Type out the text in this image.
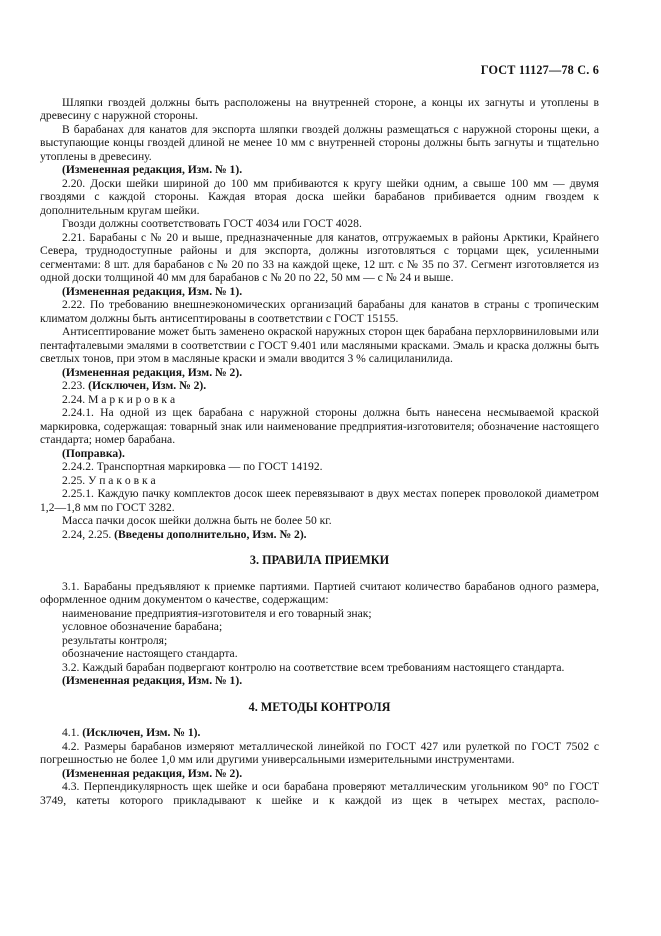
ГОСТ 11127—78 С. 6
Шляпки гвоздей должны быть расположены на внутренней стороне, а концы их загнуты и утоплены в древесину с наружной стороны.
В барабанах для канатов для экспорта шляпки гвоздей должны размещаться с наружной стороны щеки, а выступающие концы гвоздей длиной не менее 10 мм с внутренней стороны должны быть загнуты и тщательно утоплены в древесину.
(Измененная редакция, Изм. № 1).
2.20. Доски шейки шириной до 100 мм прибиваются к кругу шейки одним, а свыше 100 мм — двумя гвоздями с каждой стороны. Каждая вторая доска шейки барабанов прибивается одним гвоздем к дополнительным кругам шейки.
Гвозди должны соответствовать ГОСТ 4034 или ГОСТ 4028.
2.21. Барабаны с № 20 и выше, предназначенные для канатов, отгружаемых в районы Арктики, Крайнего Севера, труднодоступные районы и для экспорта, должны изготовляться с торцами щек, усиленными сегментами: 8 шт. для барабанов с № 20 по 33 на каждой щеке, 12 шт. с № 35 по 37. Сегмент изготовляется из одной доски толщиной 40 мм для барабанов с № 20 по 22, 50 мм — с № 24 и выше.
(Измененная редакция, Изм. № 1).
2.22. По требованию внешнеэкономических организаций барабаны для канатов в страны с тропическим климатом должны быть антисептированы в соответствии с ГОСТ 15155.
Антисептирование может быть заменено окраской наружных сторон щек барабана перхлорвиниловыми или пентафталевыми эмалями в соответствии с ГОСТ 9.401 или масляными красками. Эмаль и краска должны быть светлых тонов, при этом в масляные краски и эмали вводится 3 % салициланилида.
(Измененная редакция, Изм. № 2).
2.23. (Исключен, Изм. № 2).
2.24. М а р к и р о в к а
2.24.1. На одной из щек барабана с наружной стороны должна быть нанесена несмываемой краской маркировка, содержащая: товарный знак или наименование предприятия-изготовителя; обозначение настоящего стандарта; номер барабана.
(Поправка).
2.24.2. Транспортная маркировка — по ГОСТ 14192.
2.25. У п а к о в к а
2.25.1. Каждую пачку комплектов досок шеек перевязывают в двух местах поперек проволокой диаметром 1,2—1,8 мм по ГОСТ 3282.
Масса пачки досок шейки должна быть не более 50 кг.
2.24, 2.25. (Введены дополнительно, Изм. № 2).
3. ПРАВИЛА ПРИЕМКИ
3.1. Барабаны предъявляют к приемке партиями. Партией считают количество барабанов одного размера, оформленное одним документом о качестве, содержащим:
наименование предприятия-изготовителя и его товарный знак;
условное обозначение барабана;
результаты контроля;
обозначение настоящего стандарта.
3.2. Каждый барабан подвергают контролю на соответствие всем требованиям настоящего стандарта.
(Измененная редакция, Изм. № 1).
4. МЕТОДЫ КОНТРОЛЯ
4.1. (Исключен, Изм. № 1).
4.2. Размеры барабанов измеряют металлической линейкой по ГОСТ 427 или рулеткой по ГОСТ 7502 с погрешностью не более 1,0 мм или другими универсальными измерительными инструментами.
(Измененная редакция, Изм. № 2).
4.3. Перпендикулярность щек шейке и оси барабана проверяют металлическим угольником 90° по ГОСТ 3749, катеты которого прикладывают к шейке и к каждой из щек в четырех местах, располо-
